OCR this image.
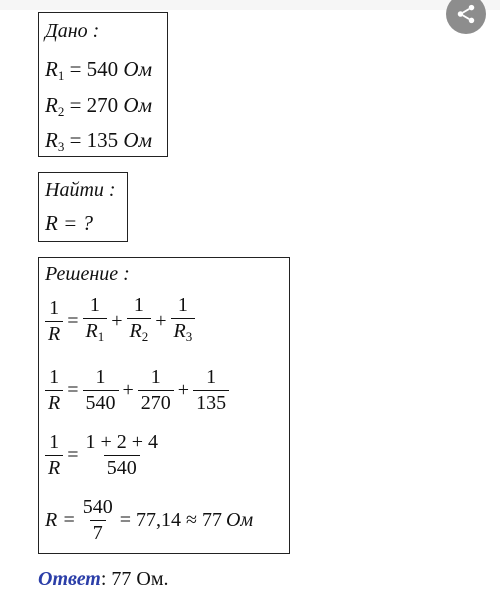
Дано :
$R_1 = 540$ Ом
$R_2 = 270$ Ом
$R_3 = 135$ Ом
Найти :
R = ?
Решение :
$\frac{1}{R} = \frac{1}{R_1} + \frac{1}{R_2} + \frac{1}{R_3}$
$\frac{1}{R} = \frac{1}{540} + \frac{1}{270} + \frac{1}{135}$
$\frac{1}{R} = \frac{1 + 2 + 4}{540}$
$R = \frac{540}{7} = 77,14 \approx 77$ Ом
Ответ: 77 Ом.
